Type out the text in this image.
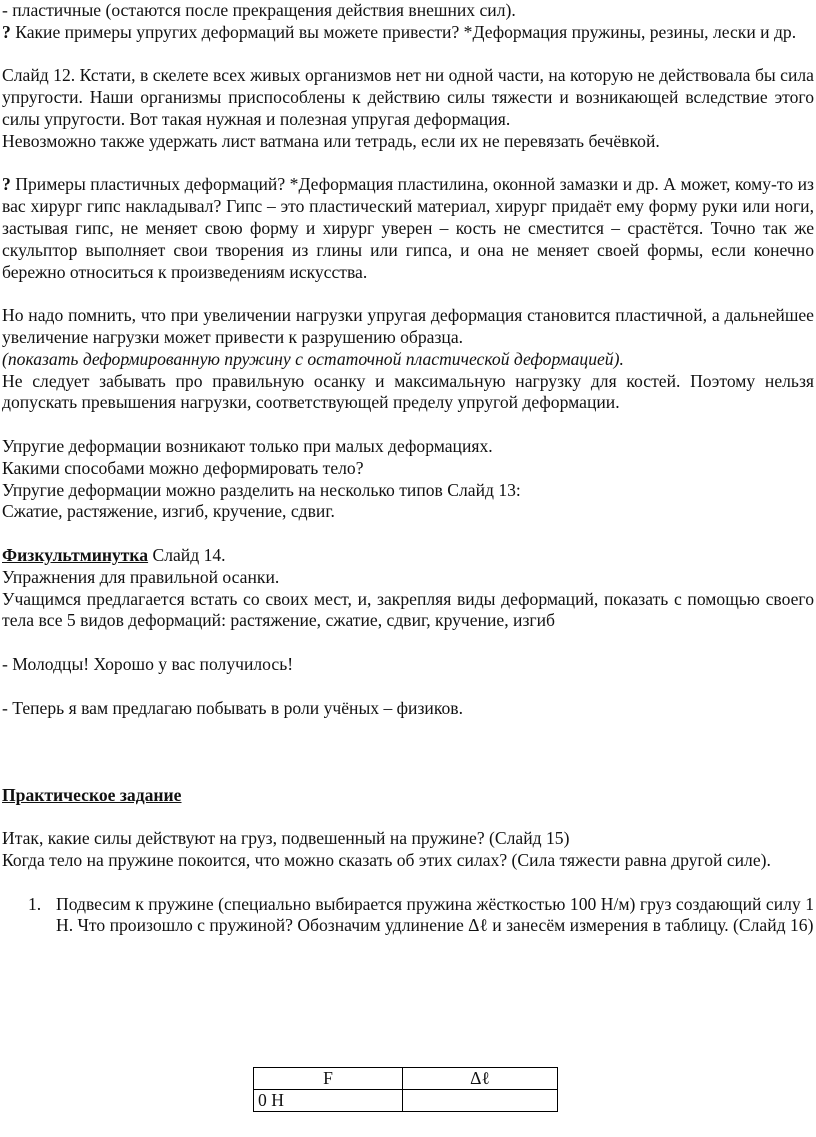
- пластичные (остаются после прекращения действия внешних сил).

? Какие примеры упругих деформаций вы можете привести? *Деформация пружины, резины, лески и др.

Слайд 12. Кстати, в скелете всех живых организмов нет ни одной части, на которую не действовала бы сила упругости. Наши организмы приспособлены к действию силы тяжести и возникающей вследствие этого силы упругости. Вот такая нужная и полезная упругая деформация.

Невозможно также удержать лист ватмана или тетрадь, если их не перевязать бечёвкой.

? Примеры пластичных деформаций? *Деформация пластилина, оконной замазки и др. А может, кому-то из вас хирург гипс накладывал? Гипс – это пластический материал, хирург придаёт ему форму руки или ноги, застывая гипс, не меняет свою форму и хирург уверен – кость не сместится – срастётся. Точно так же скульптор выполняет свои творения из глины или гипса, и она не меняет своей формы, если конечно бережно относиться к произведениям искусства.

Но надо помнить, что при увеличении нагрузки упругая деформация становится пластичной, а дальнейшее увеличение нагрузки может привести к разрушению образца.

(показать деформированную пружину с остаточной пластической деформацией).

Не следует забывать про правильную осанку и максимальную нагрузку для костей. Поэтому нельзя допускать превышения нагрузки, соответствующей пределу упругой деформации.

Упругие деформации возникают только при малых деформациях.

Какими способами можно деформировать тело?

Упругие деформации можно разделить на несколько типов Слайд 13:

Сжатие, растяжение, изгиб, кручение, сдвиг.

Физкультминутка Слайд 14.

Упражнения для правильной осанки.

Учащимся предлагается встать со своих мест, и, закрепляя виды деформаций, показать с помощью своего тела все 5 видов деформаций: растяжение, сжатие, сдвиг, кручение, изгиб

- Молодцы! Хорошо у вас получилось!

- Теперь я вам предлагаю побывать в роли учёных – физиков.

Практическое задание

Итак, какие силы действуют на груз, подвешенный на пружине? (Слайд 15)

Когда тело на пружине покоится, что можно сказать об этих силах? (Сила тяжести равна другой силе).

1. Подвесим к пружине (специально выбирается пружина жёсткостью 100 Н/м) груз создающий силу 1 Н. Что произошло с пружиной? Обозначим удлинение Δℓ и занесём измерения в таблицу. (Слайд 16)
F	Δℓ
0 Н	
